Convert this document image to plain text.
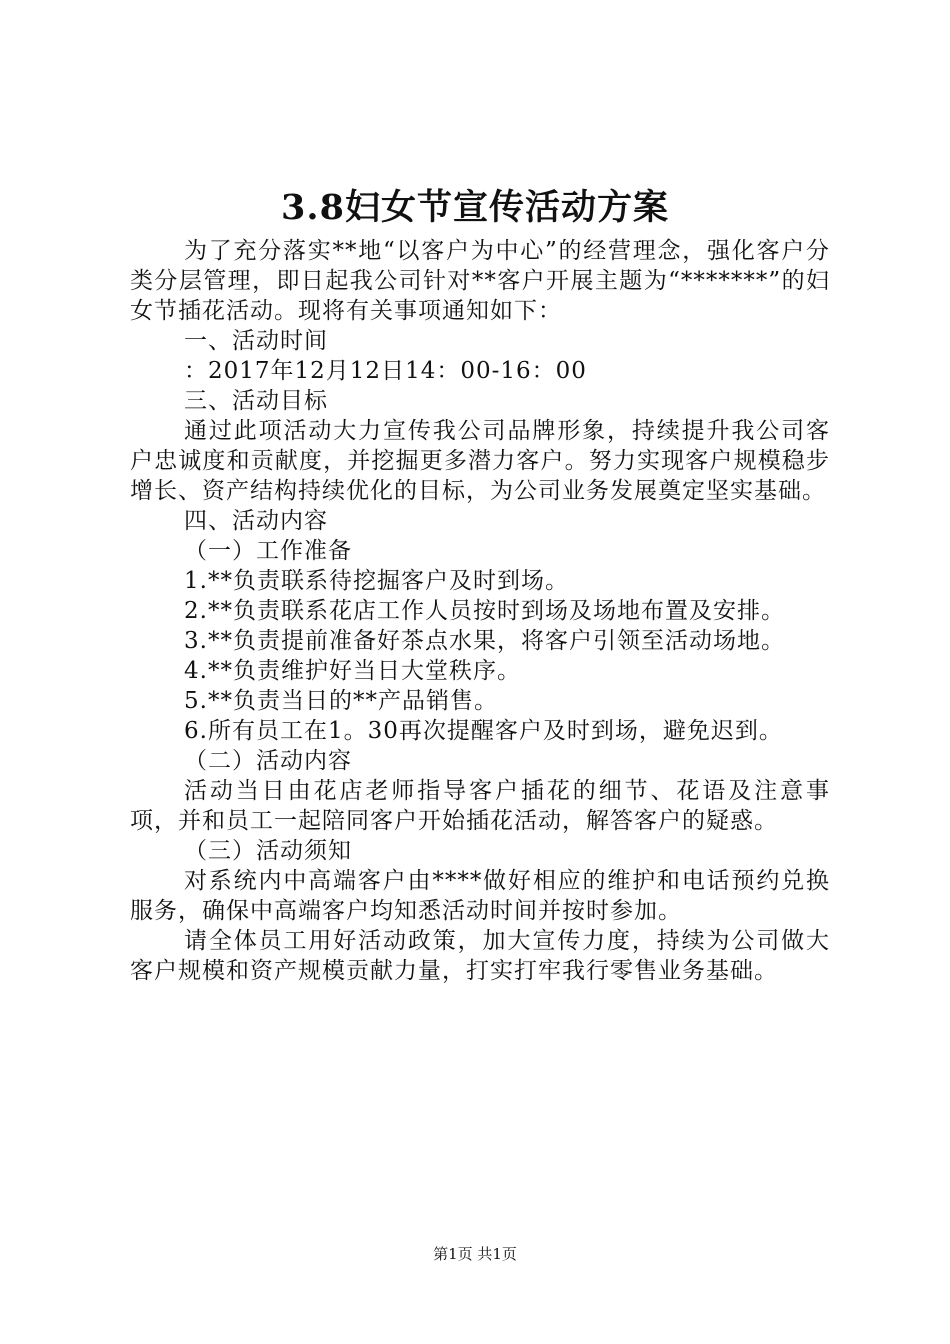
3.8妇女节宣传活动方案

为了充分落实**地“以客户为中心”的经营理念，强化客户分类分层管理，即日起我公司针对**客户开展主题为“*******”的妇女节插花活动。现将有关事项通知如下：

一、活动时间

：2017年12月12日14：00-16：00

三、活动目标

通过此项活动大力宣传我公司品牌形象，持续提升我公司客户忠诚度和贡献度，并挖掘更多潜力客户。努力实现客户规模稳步增长、资产结构持续优化的目标，为公司业务发展奠定坚实基础。

四、活动内容

（一）工作准备

1.**负责联系待挖掘客户及时到场。

2.**负责联系花店工作人员按时到场及场地布置及安排。

3.**负责提前准备好茶点水果，将客户引领至活动场地。

4.**负责维护好当日大堂秩序。

5.**负责当日的**产品销售。

6.所有员工在1。30再次提醒客户及时到场，避免迟到。

（二）活动内容

活动当日由花店老师指导客户插花的细节、花语及注意事项，并和员工一起陪同客户开始插花活动，解答客户的疑惑。

（三）活动须知

对系统内中高端客户由****做好相应的维护和电话预约兑换服务，确保中高端客户均知悉活动时间并按时参加。

请全体员工用好活动政策，加大宣传力度，持续为公司做大客户规模和资产规模贡献力量，打实打牢我行零售业务基础。

第1页 共1页
